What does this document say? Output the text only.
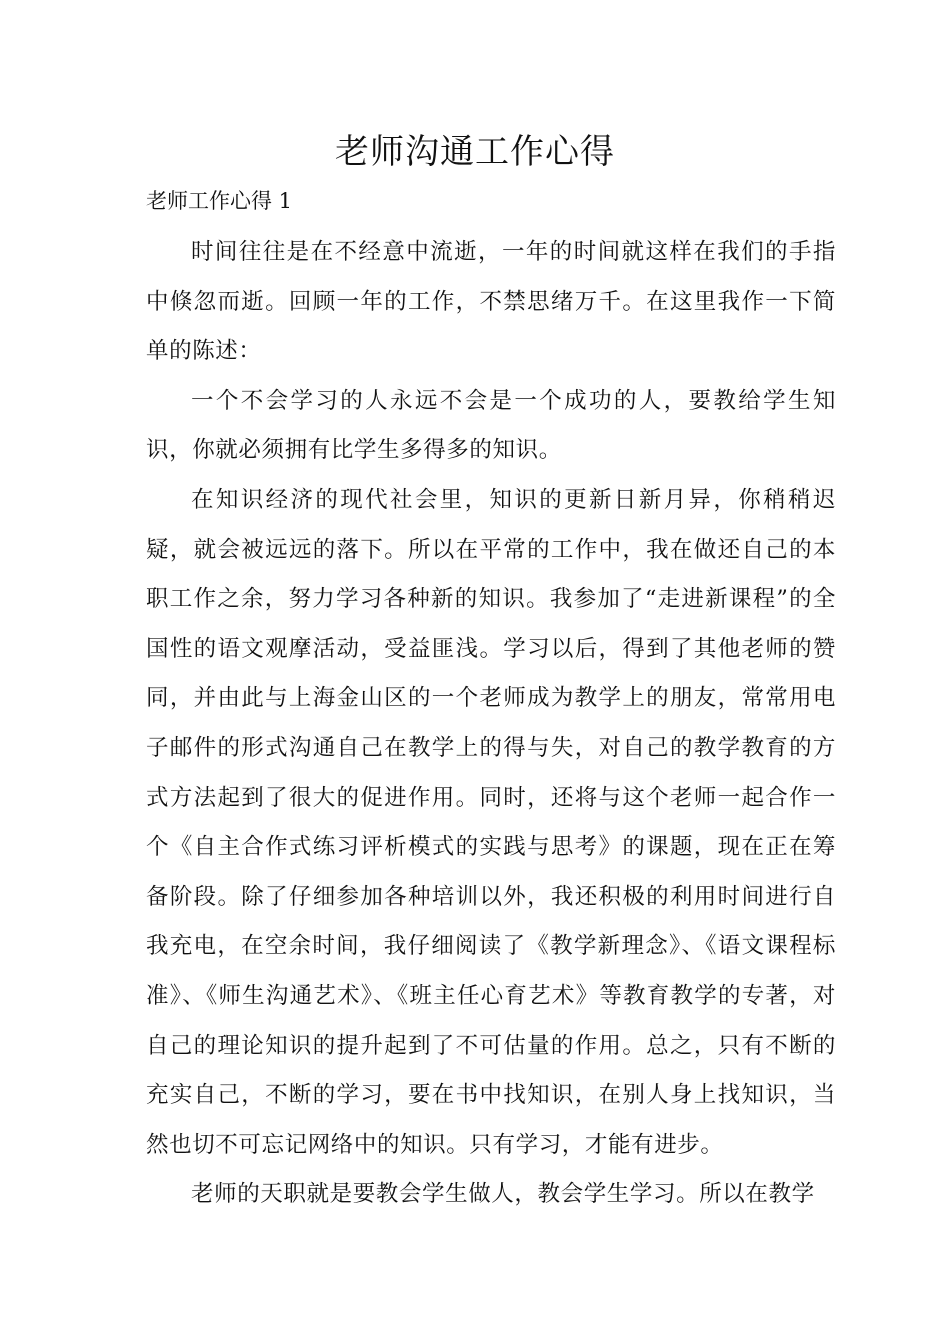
老师沟通工作心得
老师工作心得 1

时间往往是在不经意中流逝，一年的时间就这样在我们的手指中倏忽而逝。回顾一年的工作，不禁思绪万千。在这里我作一下简单的陈述：

一个不会学习的人永远不会是一个成功的人，要教给学生知识，你就必须拥有比学生多得多的知识。

在知识经济的现代社会里，知识的更新日新月异，你稍稍迟疑，就会被远远的落下。所以在平常的工作中，我在做还自己的本职工作之余，努力学习各种新的知识。我参加了“走进新课程”的全国性的语文观摩活动，受益匪浅。学习以后，得到了其他老师的赞同，并由此与上海金山区的一个老师成为教学上的朋友，常常用电子邮件的形式沟通自己在教学上的得与失，对自己的教学教育的方式方法起到了很大的促进作用。同时，还将与这个老师一起合作一个《自主合作式练习评析模式的实践与思考》的课题，现在正在筹备阶段。除了仔细参加各种培训以外，我还积极的利用时间进行自我充电，在空余时间，我仔细阅读了《教学新理念》、《语文课程标准》、《师生沟通艺术》、《班主任心育艺术》等教育教学的专著，对自己的理论知识的提升起到了不可估量的作用。总之，只有不断的充实自己，不断的学习，要在书中找知识，在别人身上找知识，当然也切不可忘记网络中的知识。只有学习，才能有进步。

老师的天职就是要教会学生做人，教会学生学习。所以在教学
